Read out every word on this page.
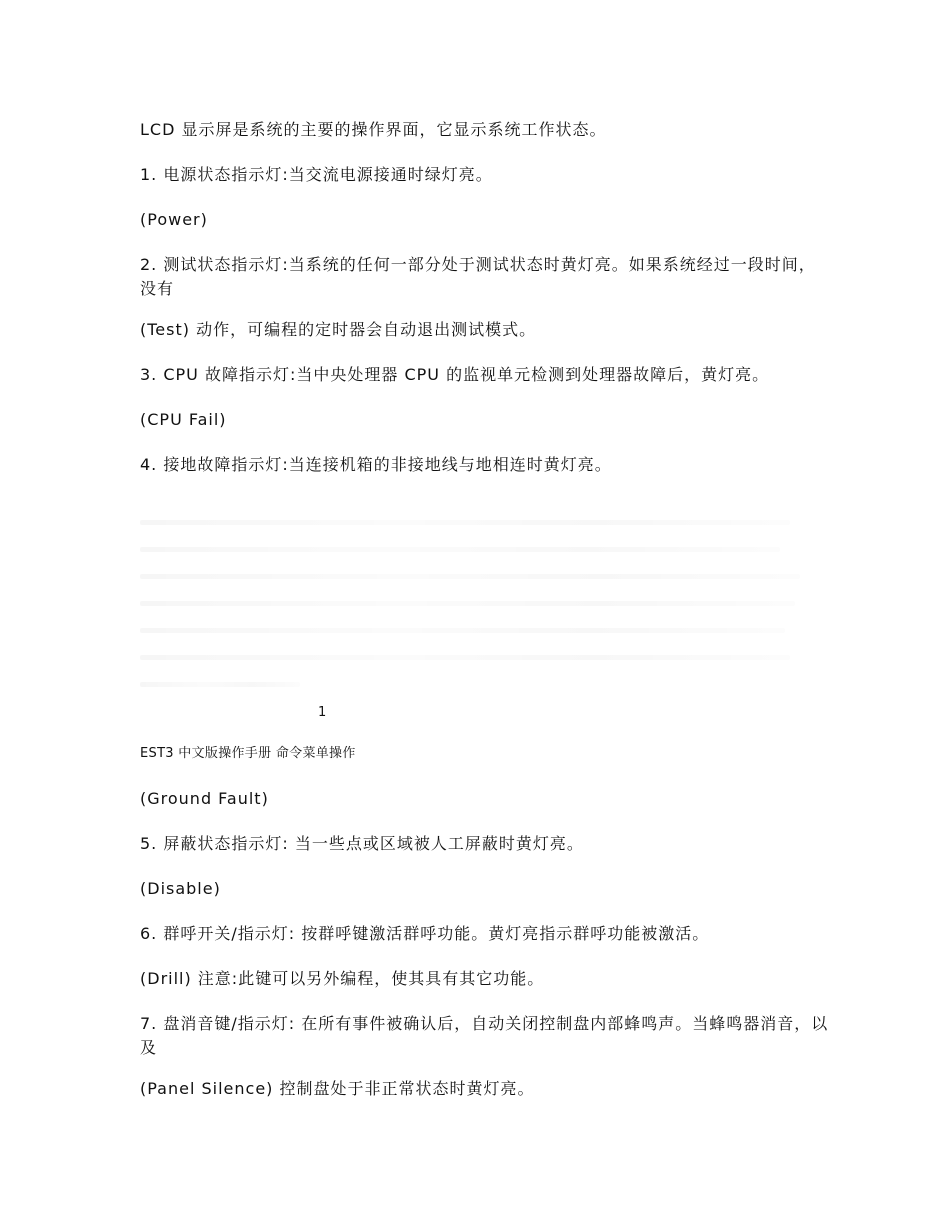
LCD 显示屏是系统的主要的操作界面，它显示系统工作状态。

1. 电源状态指示灯:当交流电源接通时绿灯亮。

(Power)

2. 测试状态指示灯:当系统的任何一部分处于测试状态时黄灯亮。如果系统经过一段时间，没有

(Test) 动作，可编程的定时器会自动退出测试模式。

3. CPU 故障指示灯:当中央处理器 CPU 的监视单元检测到处理器故障后，黄灯亮。

(CPU Fail)

4. 接地故障指示灯:当连接机箱的非接地线与地相连时黄灯亮。

1
EST3 中文版操作手册 命令菜单操作

(Ground Fault)

5. 屏蔽状态指示灯: 当一些点或区域被人工屏蔽时黄灯亮。

(Disable)

6. 群呼开关/指示灯: 按群呼键激活群呼功能。黄灯亮指示群呼功能被激活。

(Drill) 注意:此键可以另外编程，使其具有其它功能。

7. 盘消音键/指示灯: 在所有事件被确认后，自动关闭控制盘内部蜂鸣声。当蜂鸣器消音，以及

(Panel Silence) 控制盘处于非正常状态时黄灯亮。
